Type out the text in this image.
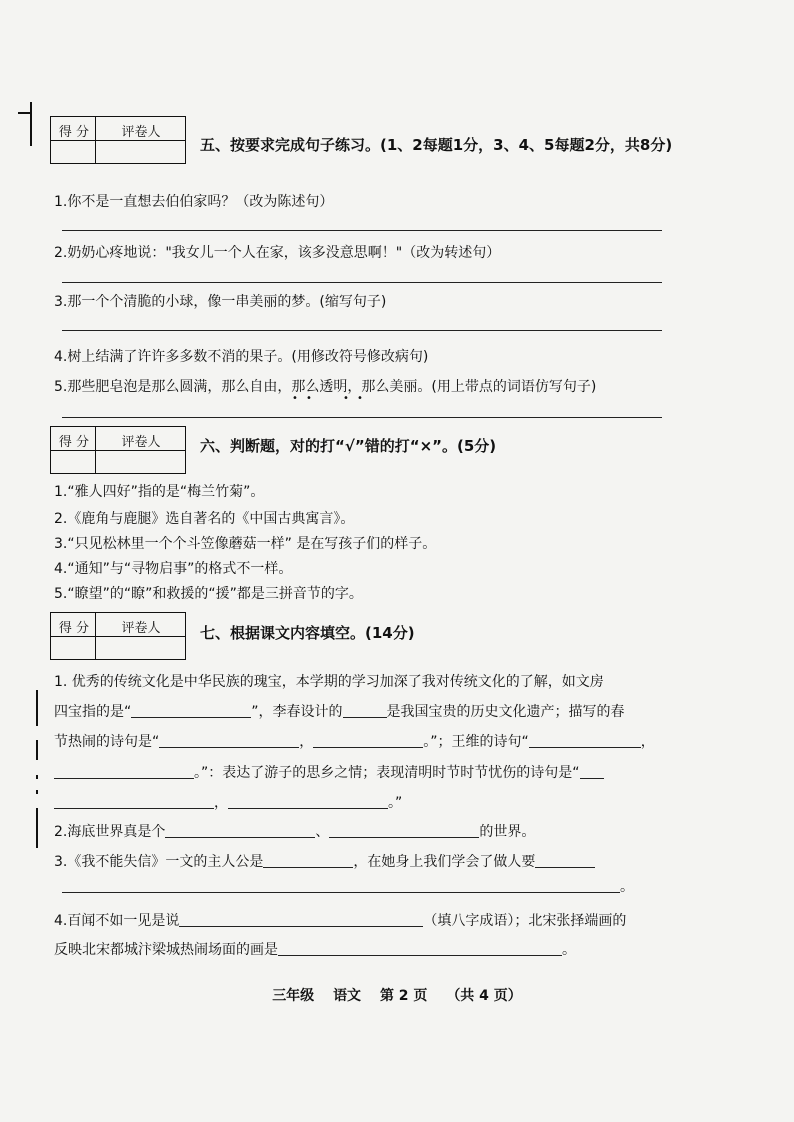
得 分	评卷人
五、按要求完成句子练习。(1、2每题1分，3、4、5每题2分，共8分)
1.你不是一直想去伯伯家吗？（改为陈述句）
2.奶奶心疼地说："我女儿一个人在家，该多没意思啊！"（改为转述句）
3.那一个个清脆的小球，像一串美丽的梦。(缩写句子)
4.树上结满了许许多多数不消的果子。(用修改符号修改病句)
5.那些肥皂泡是那么圆满，那么自由，那么透明，那么美丽。(用上带点的词语仿写句子)
• •	• •
得 分	评卷人	六、判断题，对的打“√”错的打“×”。(5分)
1.“雅人四好”指的是“梅兰竹菊”。
2.《鹿角与鹿腿》选自著名的《中国古典寓言》。
3.“只见松林里一个个斗笠像蘑菇一样” 是在写孩子们的样子。
4.“通知”与“寻物启事”的格式不一样。
5.“瞭望”的“瞭”和救援的“援”都是三拼音节的字。
得 分	评卷人	七、根据课文内容填空。(14分)
1. 优秀的传统文化是中华民族的瑰宝，本学期的学习加深了我对传统文化的了解，如文房
四宝指的是“	”，李春设计的	是我国宝贵的历史文化遗产；描写的春
节热闹的诗句是“	，	。”；王维的诗句“	，
。”：表达了游子的思乡之情；表现清明时节时节忧伤的诗句是“
，	。”
2.海底世界真是个	、	的世界。
3.《我不能失信》一文的主人公是	，在她身上我们学会了做人要
。
4.百闻不如一见是说	（填八字成语）；北宋张择端画的
反映北宋都城汴梁城热闹场面的画是	。
三年级 语文 第 2 页 （共 4 页）
